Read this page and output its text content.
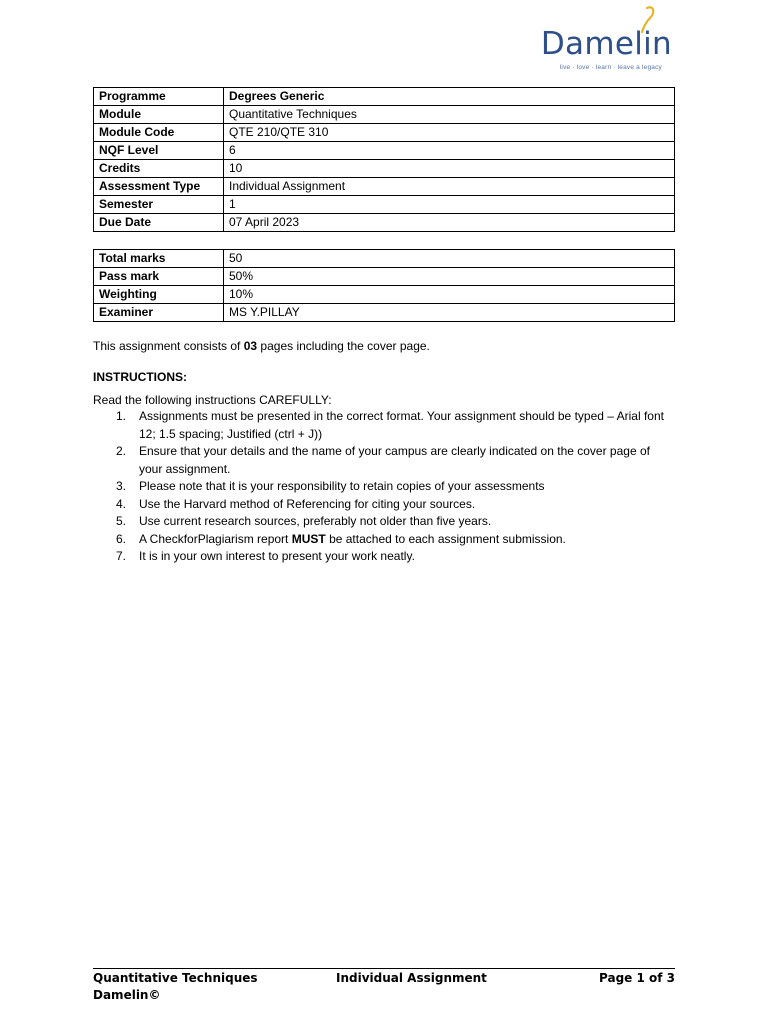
Damelin
live · love · learn · leave a legacy
Programme	Degrees Generic
Module	Quantitative Techniques
Module Code	QTE 210/QTE 310
NQF Level	6
Credits	10
Assessment Type	Individual Assignment
Semester	1
Due Date	07 April 2023
Total marks	50
Pass mark	50%
Weighting	10%
Examiner	MS Y.PILLAY
This assignment consists of 03 pages including the cover page.
INSTRUCTIONS:
Read the following instructions CAREFULLY:
1. Assignments must be presented in the correct format. Your assignment should be typed – Arial font 12; 1.5 spacing; Justified (ctrl + J))
2. Ensure that your details and the name of your campus are clearly indicated on the cover page of your assignment.
3. Please note that it is your responsibility to retain copies of your assessments
4. Use the Harvard method of Referencing for citing your sources.
5. Use current research sources, preferably not older than five years.
6. A CheckforPlagiarism report MUST be attached to each assignment submission.
7. It is in your own interest to present your work neatly.
Quantitative Techniques	Individual Assignment	Page 1 of 3
Damelin©
